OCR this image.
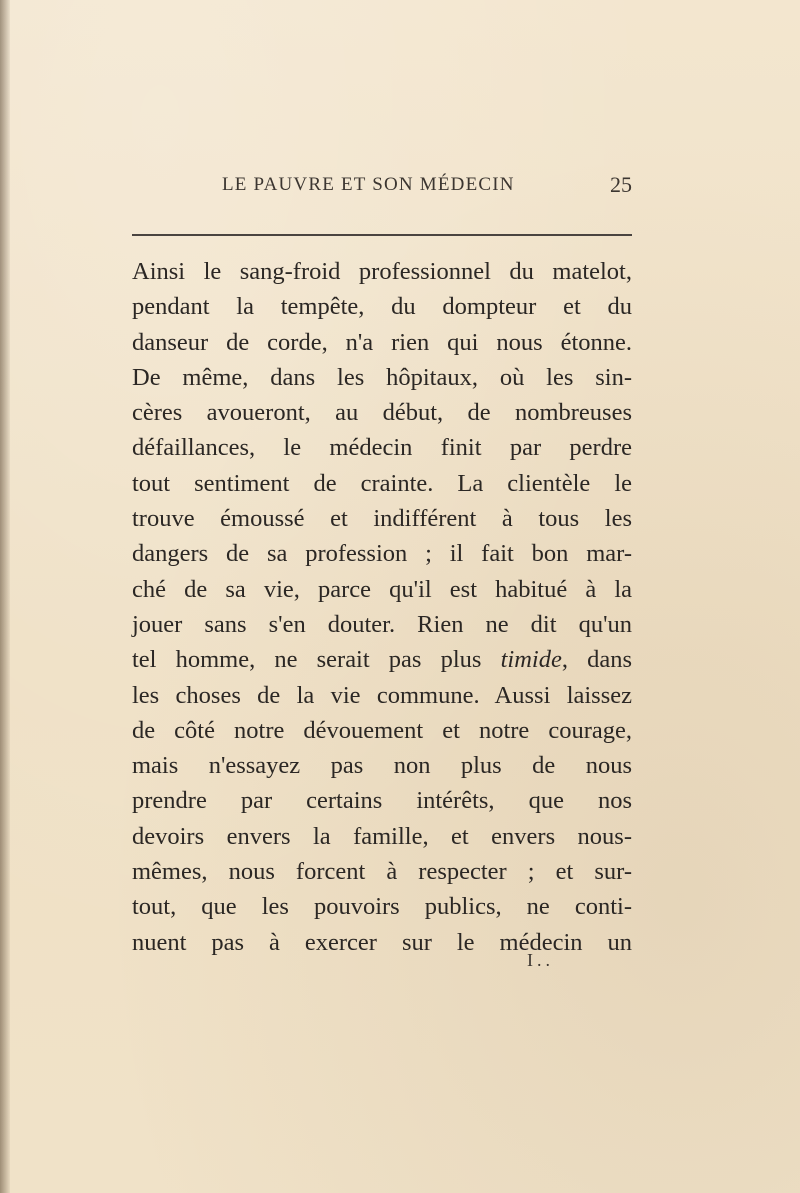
LE PAUVRE ET SON MÉDECIN	25
Ainsi le sang-froid professionnel du matelot,
pendant la tempête, du dompteur et du
danseur de corde, n'a rien qui nous étonne.
De même, dans les hôpitaux, où les sin-
cères avoueront, au début, de nombreuses
défaillances, le médecin finit par perdre
tout sentiment de crainte. La clientèle le
trouve émoussé et indifférent à tous les
dangers de sa profession ; il fait bon mar-
ché de sa vie, parce qu'il est habitué à la
jouer sans s'en douter. Rien ne dit qu'un
tel homme, ne serait pas plus timide, dans
les choses de la vie commune. Aussi laissez
de côté notre dévouement et notre courage,
mais n'essayez pas non plus de nous
prendre par certains intérêts, que nos
devoirs envers la famille, et envers nous-
mêmes, nous forcent à respecter ; et sur-
tout, que les pouvoirs publics, ne conti-
nuent pas à exercer sur le médecin un
I..
